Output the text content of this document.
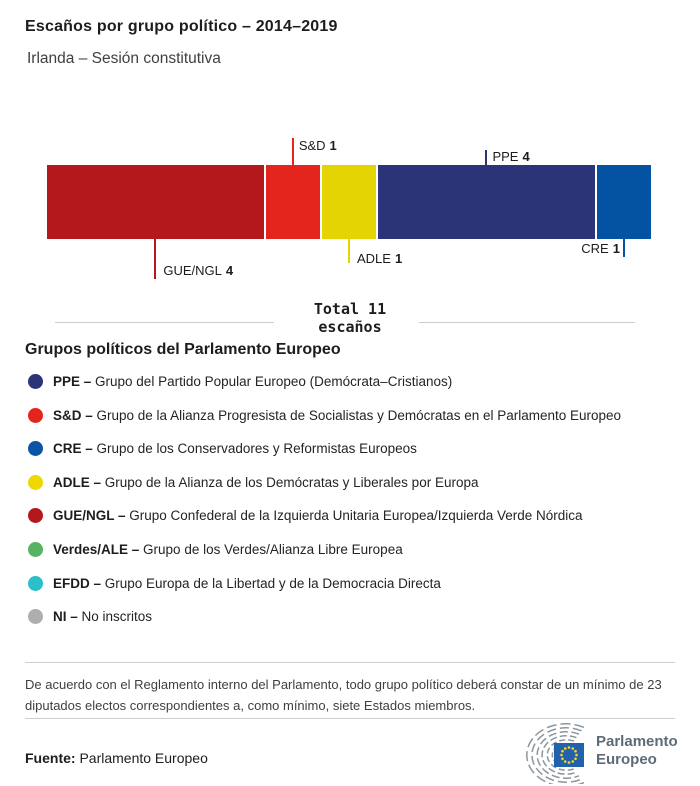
Escaños por grupo político – 2014–2019
Irlanda – Sesión constitutiva
GUE/NGL 4
S&D 1
ADLE 1
PPE 4
CRE 1
Total 11
escaños
Grupos políticos del Parlamento Europeo
PPE – Grupo del Partido Popular Europeo (Demócrata–Cristianos)
S&D – Grupo de la Alianza Progresista de Socialistas y Demócratas en el Parlamento Europeo
CRE – Grupo de los Conservadores y Reformistas Europeos
ADLE – Grupo de la Alianza de los Demócratas y Liberales por Europa
GUE/NGL – Grupo Confederal de la Izquierda Unitaria Europea/Izquierda Verde Nórdica
Verdes/ALE – Grupo de los Verdes/Alianza Libre Europea
EFDD – Grupo Europa de la Libertad y de la Democracia Directa
NI – No inscritos
De acuerdo con el Reglamento interno del Parlamento, todo grupo político deberá constar de un mínimo de 23 diputados electos correspondientes a, como mínimo, siete Estados miembros.
Fuente: Parlamento Europeo
Parlamento
Europeo
